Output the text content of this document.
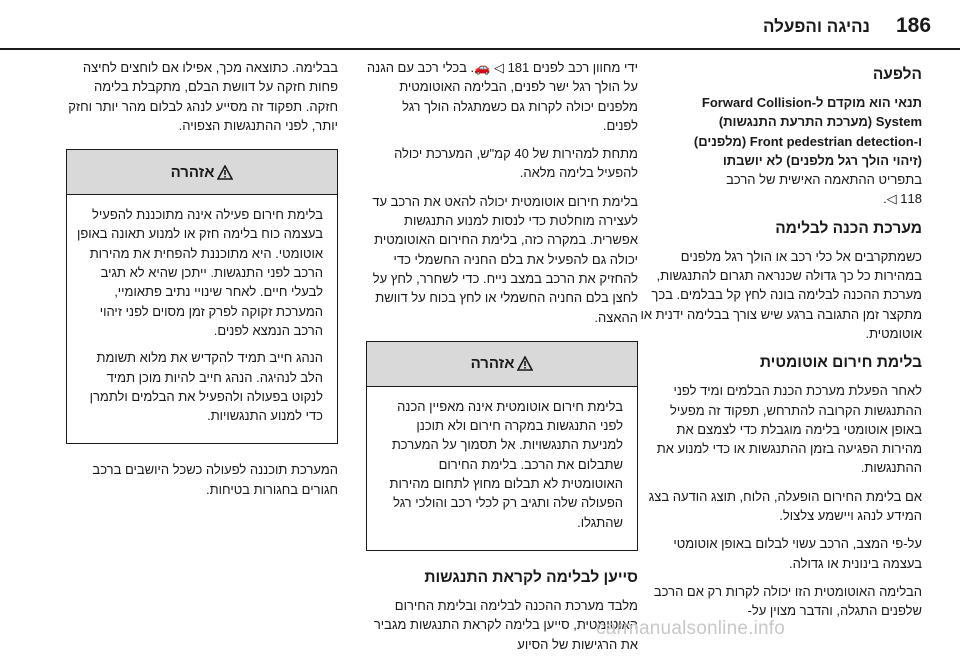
186
נהיגה והפעלה
הלפעה

תנאי הוא מוקדם ל-Forward Collision
System (מערכת התרעת התנגשות)
ו-Front pedestrian detection (מלפנים)
(זיהוי הולך רגל מלפנים) לא יושבתו
בתפריט ההתאמה האישית של הרכב
118 ◁.

מערכת הכנה לבלימה

כשמתקרבים אל כלי רכב או הולך רגל מלפנים במהירות כל כך גדולה שכנראה תגרום להתנגשות, מערכת ההכנה לבלימה בונה לחץ קל בבלמים. בכך מתקצר זמן התגובה ברגע שיש צורך בבלימה ידנית או אוטומטית.

בלימת חירום אוטומטית

לאחר הפעלת מערכת הכנת הבלמים ומיד לפני ההתנגשות הקרובה להתרחש, תפקוד זה מפעיל באופן אוטומטי בלימה מוגבלת כדי לצמצם את מהירות הפגיעה בזמן ההתנגשות או כדי למנוע את ההתנגשות.

אם בלימת החירום הופעלה, הלוח, תוצג הודעה בצג המידע לנהג ויישמע צלצול.

על-פי המצב, הרכב עשוי לבלום באופן אוטומטי בעצמה בינונית או גדולה.

הבלימה האוטומטית הזו יכולה לקרות רק אם הרכב שלפנים התגלה, והדבר מצוין על-

ידי מחוון רכב לפנים 181 ◁ 🚗. בכלי רכב עם הגנה על הולך רגל ישר לפנים, הבלימה האוטומטית מלפנים יכולה לקרות גם כשמתגלה הולך רגל לפנים.

מתחת למהירות של 40 קמ"ש, המערכת יכולה להפעיל בלימה מלאה.

בלימת חירום אוטומטית יכולה להאט את הרכב עד לעצירה מוחלטת כדי לנסות למנוע התנגשות אפשרית. במקרה כזה, בלימת החירום האוטומטית יכולה גם להפעיל את בלם החניה החשמלי כדי להחזיק את הרכב במצב נייח. כדי לשחרר, לחץ על לחצן בלם החניה החשמלי או לחץ בכוח על דוושת ההאצה.

אזהרה

בלימת חירום אוטומטית אינה מאפיין הכנה לפני התנגשות במקרה חירום ולא תוכנן למניעת התנגשויות. אל תסמוך על המערכת שתבלום את הרכב. בלימת החירום האוטומטית לא תבלום מחוץ לתחום מהירות הפעולה שלה ותגיב רק לכלי רכב והולכי רגל שהתגלו.

סייען לבלימה לקראת התנגשות

מלבד מערכת ההכנה לבלימה ובלימת החירום האוטומטית, סייען בלימה לקראת התנגשות מגביר את הרגישות של הסיוע

בבלימה. כתוצאה מכך, אפילו אם לוחצים לחיצה פחות חזקה על דוושת הבלם, מתקבלת בלימה חזקה. תפקוד זה מסייע לנהג לבלום מהר יותר וחזק יותר, לפני ההתנגשות הצפויה.

אזהרה

בלימת חירום פעילה אינה מתוכננת להפעיל בעצמה כוח בלימה חזק או למנוע תאונה באופן אוטומטי. היא מתוכננת להפחית את מהירות הרכב לפני התנגשות. ייתכן שהיא לא תגיב לבעלי חיים. לאחר שינויי נתיב פתאומיי, המערכת זקוקה לפרק זמן מסוים לפני זיהוי הרכב הנמצא לפנים.

הנהג חייב תמיד להקדיש את מלוא תשומת הלב לנהיגה. הנהג חייב להיות מוכן תמיד לנקוט בפעולה ולהפעיל את הבלמים ולתמרן כדי למנוע התנגשויות.

המערכת תוכננה לפעולה כשכל היושבים ברכב חגורים בחגורות בטיחות.

carmanualsonline.info
